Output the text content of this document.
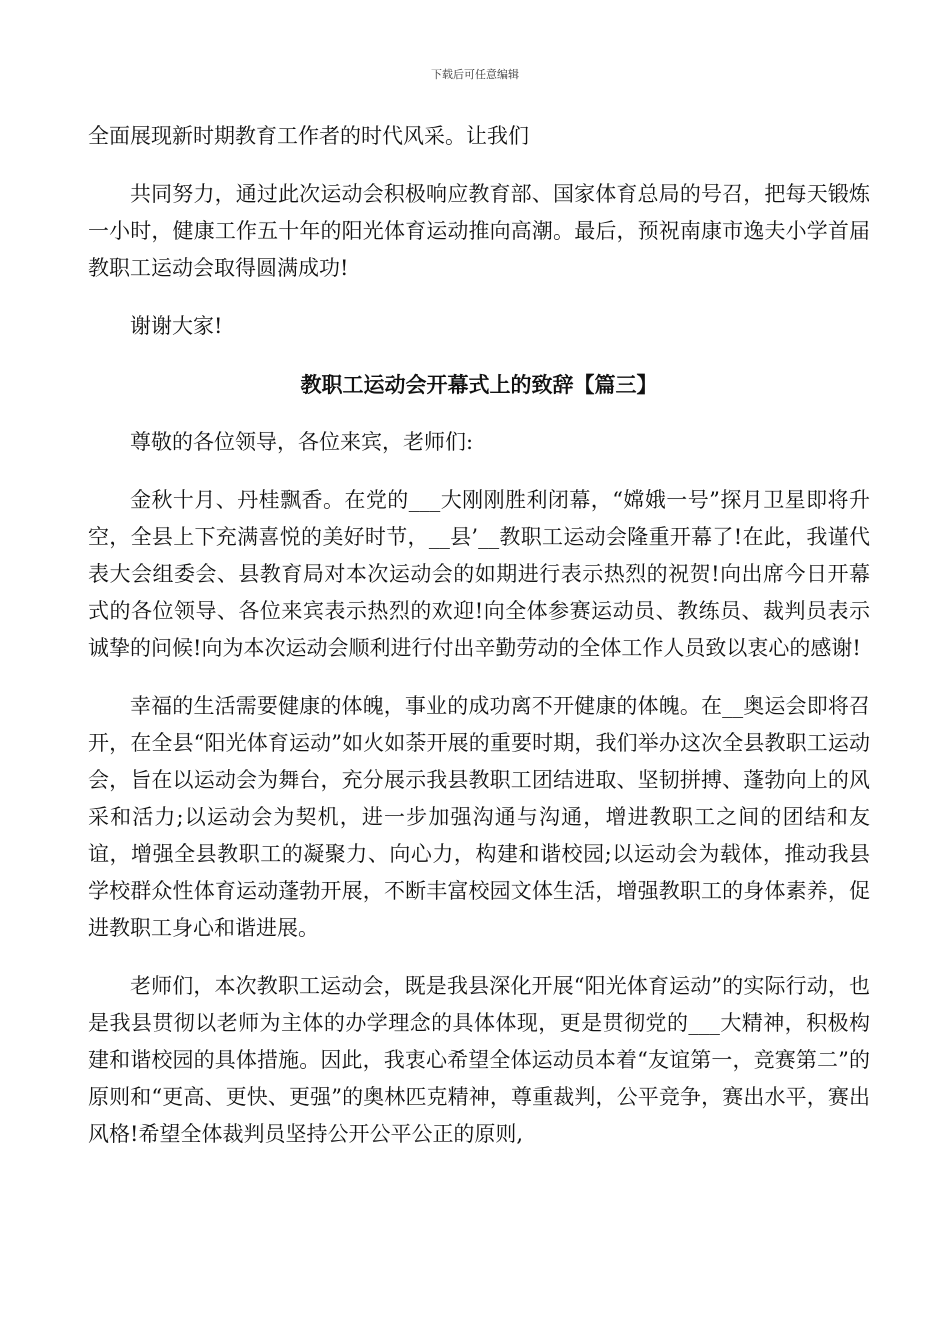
下载后可任意编辑

全面展现新时期教育工作者的时代风采。让我们

共同努力，通过此次运动会积极响应教育部、国家体育总局的号召，把每天锻炼一小时，健康工作五十年的阳光体育运动推向高潮。最后，预祝南康市逸夫小学首届教职工运动会取得圆满成功!

谢谢大家!

教职工运动会开幕式上的致辞【篇三】

尊敬的各位领导，各位来宾，老师们:

金秋十月、丹桂飘香。在党的___大刚刚胜利闭幕，“嫦娥一号”探月卫星即将升空，全县上下充满喜悦的美好时节，__县’__教职工运动会隆重开幕了!在此，我谨代表大会组委会、县教育局对本次运动会的如期进行表示热烈的祝贺!向出席今日开幕式的各位领导、各位来宾表示热烈的欢迎!向全体参赛运动员、教练员、裁判员表示诚挚的问候!向为本次运动会顺利进行付出辛勤劳动的全体工作人员致以衷心的感谢!

幸福的生活需要健康的体魄，事业的成功离不开健康的体魄。在__奥运会即将召开，在全县“阳光体育运动”如火如荼开展的重要时期，我们举办这次全县教职工运动会，旨在以运动会为舞台，充分展示我县教职工团结进取、坚韧拼搏、蓬勃向上的风采和活力;以运动会为契机，进一步加强沟通与沟通，增进教职工之间的团结和友谊，增强全县教职工的凝聚力、向心力，构建和谐校园;以运动会为载体，推动我县学校群众性体育运动蓬勃开展，不断丰富校园文体生活，增强教职工的身体素养，促进教职工身心和谐进展。

老师们，本次教职工运动会，既是我县深化开展“阳光体育运动”的实际行动，也是我县贯彻以老师为主体的办学理念的具体体现，更是贯彻党的___大精神，积极构建和谐校园的具体措施。因此，我衷心希望全体运动员本着“友谊第一，竞赛第二”的原则和“更高、更快、更强”的奥林匹克精神，尊重裁判，公平竞争，赛出水平，赛出风格!希望全体裁判员坚持公开公平公正的原则,
